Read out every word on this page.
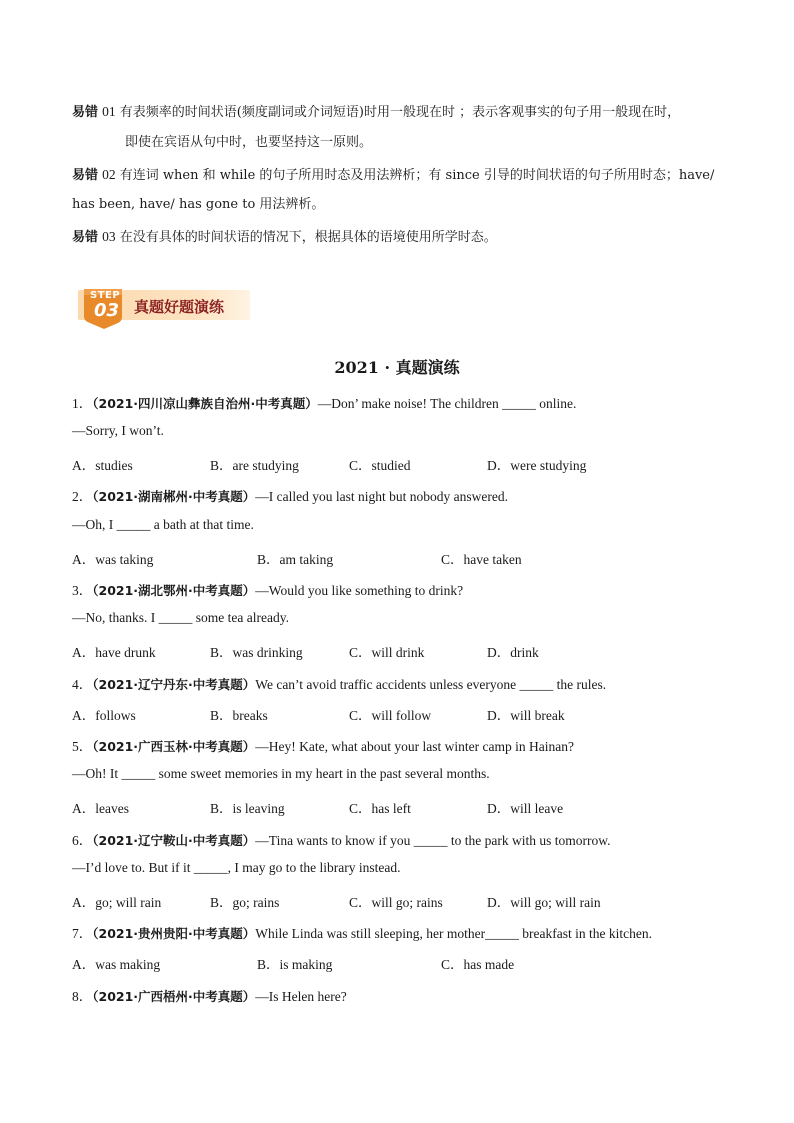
易错 01 有表频率的时间状语(频度副词或介词短语)时用一般现在时 ；表示客观事实的句子用一般现在时，
即使在宾语从句中时，也要坚持这一原则。
易错 02 有连词 when 和 while 的句子所用时态及用法辨析；有 since 引导的时间状语的句子所用时态；have/
has been, have/ has gone to 用法辨析。
易错 03 在没有具体的时间状语的情况下，根据具体的语境使用所学时态。
STEP
03 真题好题演练
2021 · 真题演练
1．（2021·四川凉山彝族自治州·中考真题）—Don’ make noise! The children _____ online.
—Sorry, I won’t.
A．studies	B．are studying	C．studied	D．were studying
2．（2021·湖南郴州·中考真题）—I called you last night but nobody answered.
—Oh, I _____ a bath at that time.
A．was taking	B．am taking	C．have taken
3．（2021·湖北鄂州·中考真题）—Would you like something to drink?
—No, thanks. I _____ some tea already.
A．have drunk	B．was drinking	C．will drink	D．drink
4．（2021·辽宁丹东·中考真题）We can’t avoid traffic accidents unless everyone _____ the rules.
A．follows	B．breaks	C．will follow	D．will break
5．（2021·广西玉林·中考真题）—Hey! Kate, what about your last winter camp in Hainan?
—Oh! It _____ some sweet memories in my heart in the past several months.
A．leaves	B．is leaving	C．has left	D．will leave
6．（2021·辽宁鞍山·中考真题）—Tina wants to know if you _____ to the park with us tomorrow.
—I’d love to. But if it _____, I may go to the library instead.
A．go; will rain	B．go; rains	C．will go; rains	D．will go; will rain
7．（2021·贵州贵阳·中考真题）While Linda was still sleeping, her mother_____ breakfast in the kitchen.
A．was making	B．is making	C．has made
8．（2021·广西梧州·中考真题）—Is Helen here?
